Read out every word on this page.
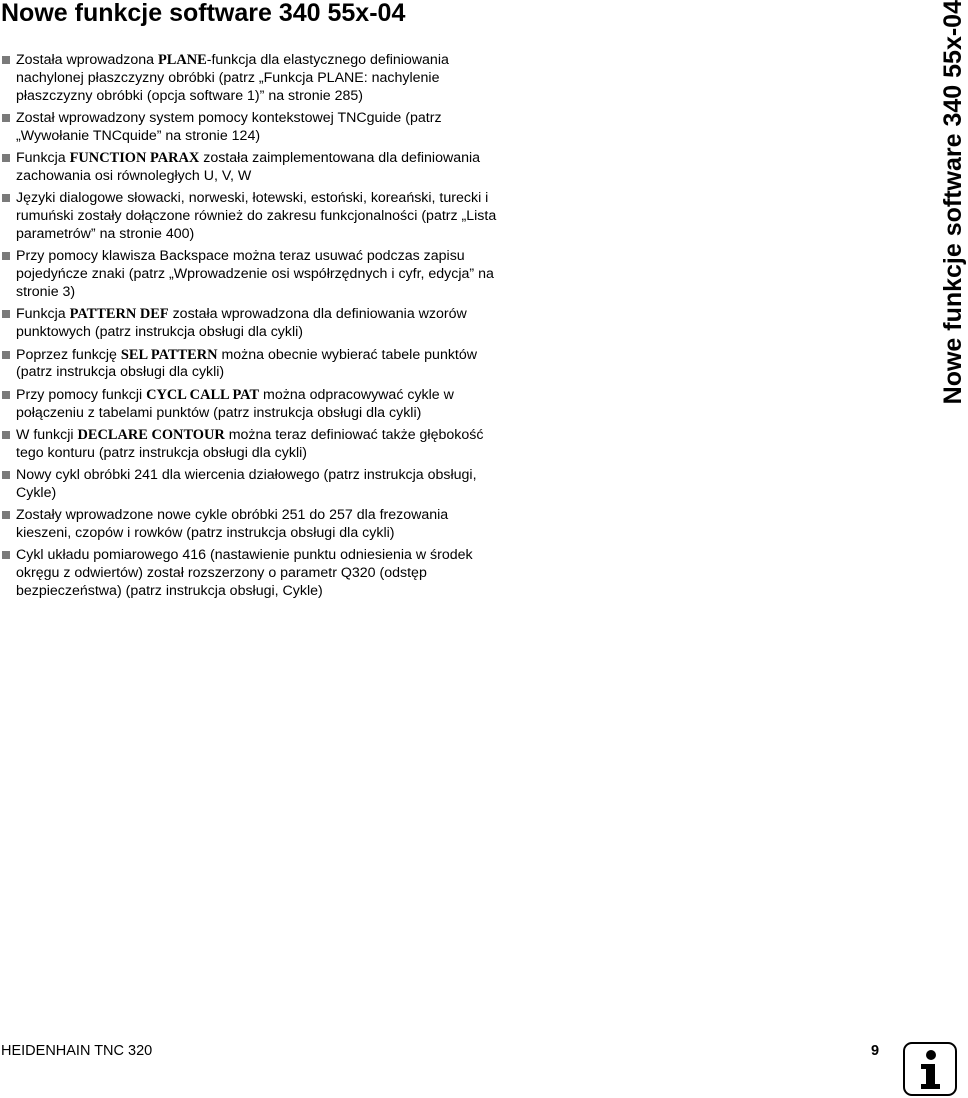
Nowe funkcje software 340 55x-04
Została wprowadzona PLANE-funkcja dla elastycznego definiowania nachylonej płaszczyzny obróbki (patrz „Funkcja PLANE: nachylenie płaszczyzny obróbki (opcja software 1)” na stronie 285)
Został wprowadzony system pomocy kontekstowej TNCguide (patrz „Wywołanie TNCquide” na stronie 124)
Funkcja FUNCTION PARAX została zaimplementowana dla definiowania zachowania osi równoległych U, V, W
Języki dialogowe słowacki, norweski, łotewski, estoński, koreański, turecki i rumuński zostały dołączone również do zakresu funkcjonalności (patrz „Lista parametrów” na stronie 400)
Przy pomocy klawisza Backspace można teraz usuwać podczas zapisu pojedyńcze znaki (patrz „Wprowadzenie osi współrzędnych i cyfr, edycja” na stronie 3)
Funkcja PATTERN DEF została wprowadzona dla definiowania wzorów punktowych (patrz instrukcja obsługi dla cykli)
Poprzez funkcję SEL PATTERN można obecnie wybierać tabele punktów (patrz instrukcja obsługi dla cykli)
Przy pomocy funkcji CYCL CALL PAT można odpracowywać cykle w połączeniu z tabelami punktów (patrz instrukcja obsługi dla cykli)
W funkcji DECLARE CONTOUR można teraz definiować także głębokość tego konturu (patrz instrukcja obsługi dla cykli)
Nowy cykl obróbki 241 dla wiercenia działowego (patrz instrukcja obsługi, Cykle)
Zostały wprowadzone nowe cykle obróbki 251 do 257 dla frezowania kieszeni, czopów i rowków (patrz instrukcja obsługi dla cykli)
Cykl układu pomiarowego 416 (nastawienie punktu odniesienia w środek okręgu z odwiertów) został rozszerzony o parametr Q320 (odstęp bezpieczeństwa) (patrz instrukcja obsługi, Cykle)
Nowe funkcje software 340 55x-04
HEIDENHAIN TNC 320	9
